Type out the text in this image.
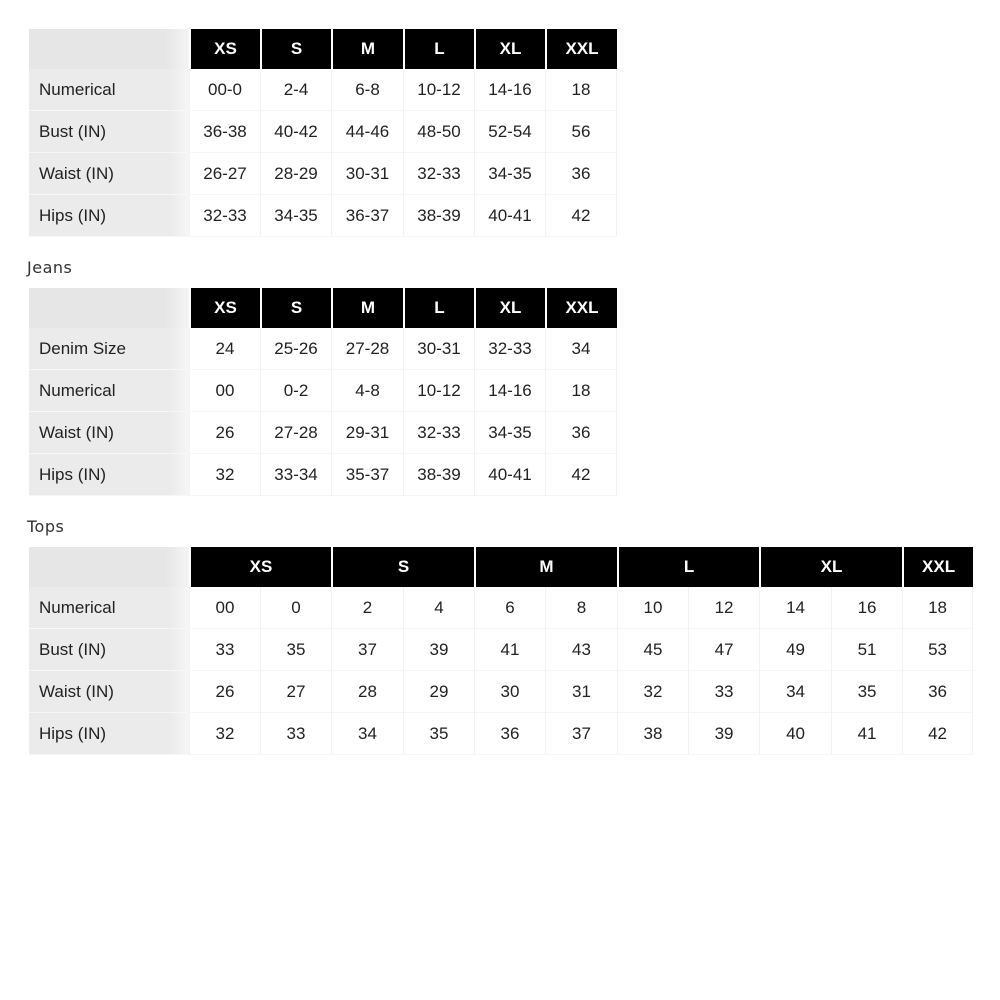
	XS	S	M	L	XL	XXL
Numerical	00-0	2-4	6-8	10-12	14-16	18
Bust (IN)	36-38	40-42	44-46	48-50	52-54	56
Waist (IN)	26-27	28-29	30-31	32-33	34-35	36
Hips (IN)	32-33	34-35	36-37	38-39	40-41	42
Jeans
	XS	S	M	L	XL	XXL
Denim Size	24	25-26	27-28	30-31	32-33	34
Numerical	00	0-2	4-8	10-12	14-16	18
Waist (IN)	26	27-28	29-31	32-33	34-35	36
Hips (IN)	32	33-34	35-37	38-39	40-41	42
Tops
	XS		S		M		L		XL		XXL
Numerical	00	0	2	4	6	8	10	12	14	16	18
Bust (IN)	33	35	37	39	41	43	45	47	49	51	53
Waist (IN)	26	27	28	29	30	31	32	33	34	35	36
Hips (IN)	32	33	34	35	36	37	38	39	40	41	42
